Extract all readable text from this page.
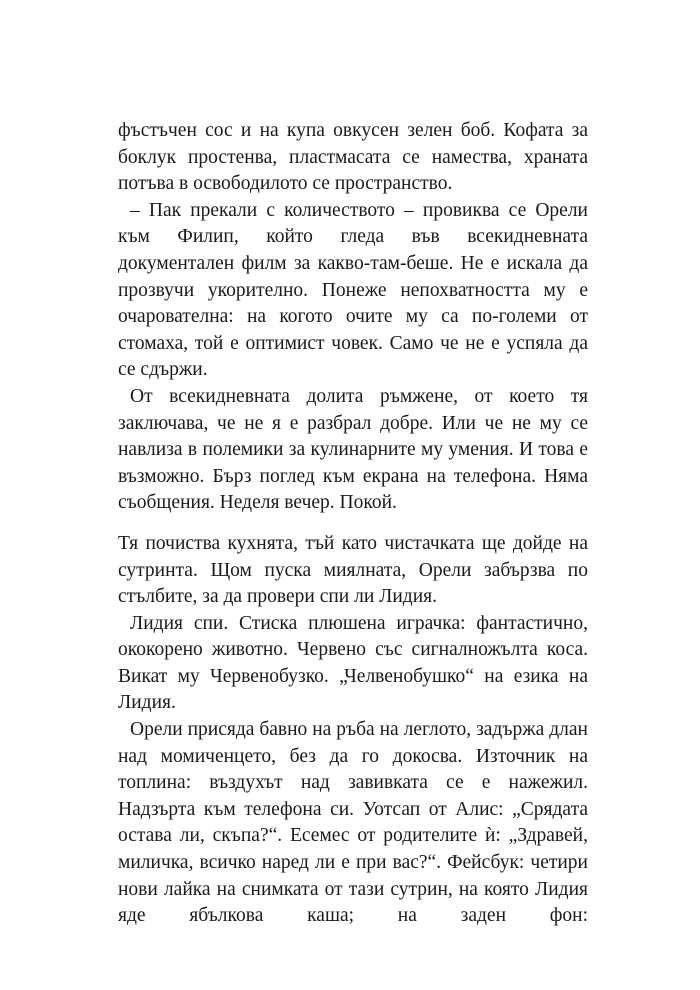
фъстъчен сос и на купа овкусен зелен боб. Кофата за боклук простенва, пластмасата се намества, храната потъва в освободилото се пространство.

– Пак прекали с количеството – провиква се Орели към Филип, който гледа във всекидневната документален филм за какво-там-беше. Не е искала да прозвучи укорително. Понеже непохватността му е очарователна: на когото очите му са по-големи от стомаха, той е оптимист човек. Само че не е успяла да се сдържи.

От всекидневната долита ръмжене, от което тя заключава, че не я е разбрал добре. Или че не му се навлиза в полемики за кулинарните му умения. И това е възможно. Бърз поглед към екрана на телефона. Няма съобщения. Неделя вечер. Покой.

Тя почиства кухнята, тъй като чистачката ще дойде на сутринта. Щом пуска миялната, Орели забързва по стълбите, за да провери спи ли Лидия.

Лидия спи. Стиска плюшена играчка: фантастично, ококорено животно. Червено със сигналножълта коса. Викат му Червенобузко. „Челвенобушко“ на езика на Лидия.

Орели присяда бавно на ръба на леглото, задържа длан над момиченцето, без да го докосва. Източник на топлина: въздухът над завивката се е нажежил. Надзърта към телефона си. Уотсап от Алис: „Срядата остава ли, скъпа?“. Есемес от родителите ѝ: „Здравей, миличка, всичко наред ли е при вас?“. Фейсбук: четири нови лайка на снимката от тази сутрин, на която Лидия яде ябълкова каша; на заден фон:
